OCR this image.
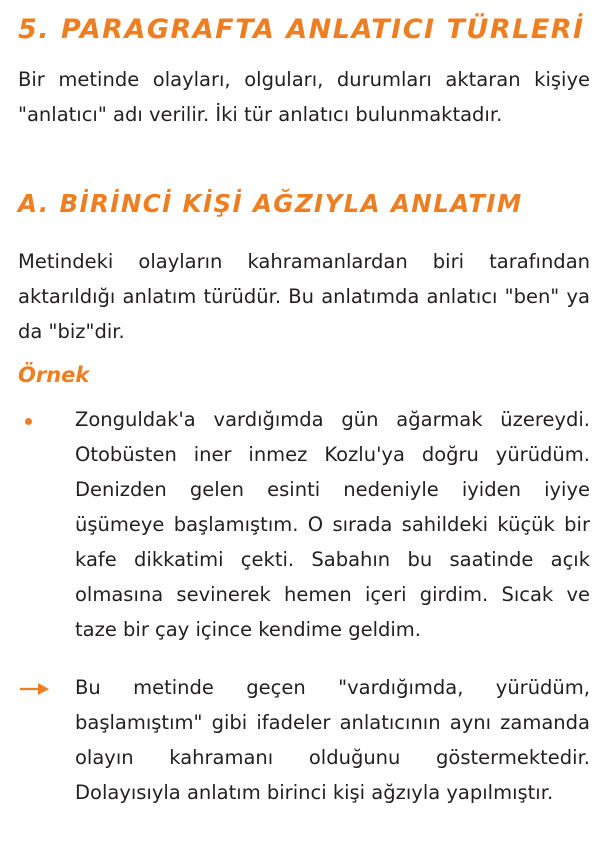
5. PARAGRAFTA ANLATICI TÜRLERİ

Bir metinde olayları, olguları, durumları aktaran kişiye "anlatıcı" adı verilir. İki tür anlatıcı bulunmaktadır.

A. BİRİNCİ KİŞİ AĞZIYLA ANLATIM

Metindeki olayların kahramanlardan biri tarafından aktarıldığı anlatım türüdür. Bu anlatımda anlatıcı "ben" ya da "biz"dir.

Örnek

Zonguldak'a vardığımda gün ağarmak üzereydi. Otobüsten iner inmez Kozlu'ya doğru yürüdüm. Denizden gelen esinti nedeniyle iyiden iyiye üşümeye başlamıştım. O sırada sahildeki küçük bir kafe dikkatimi çekti. Sabahın bu saatinde açık olmasına sevinerek hemen içeri girdim. Sıcak ve taze bir çay içince kendime geldim.

Bu metinde geçen "vardığımda, yürüdüm, başlamıştım" gibi ifadeler anlatıcının aynı zamanda olayın kahramanı olduğunu göstermektedir. Dolayısıyla anlatım birinci kişi ağzıyla yapılmıştır.
